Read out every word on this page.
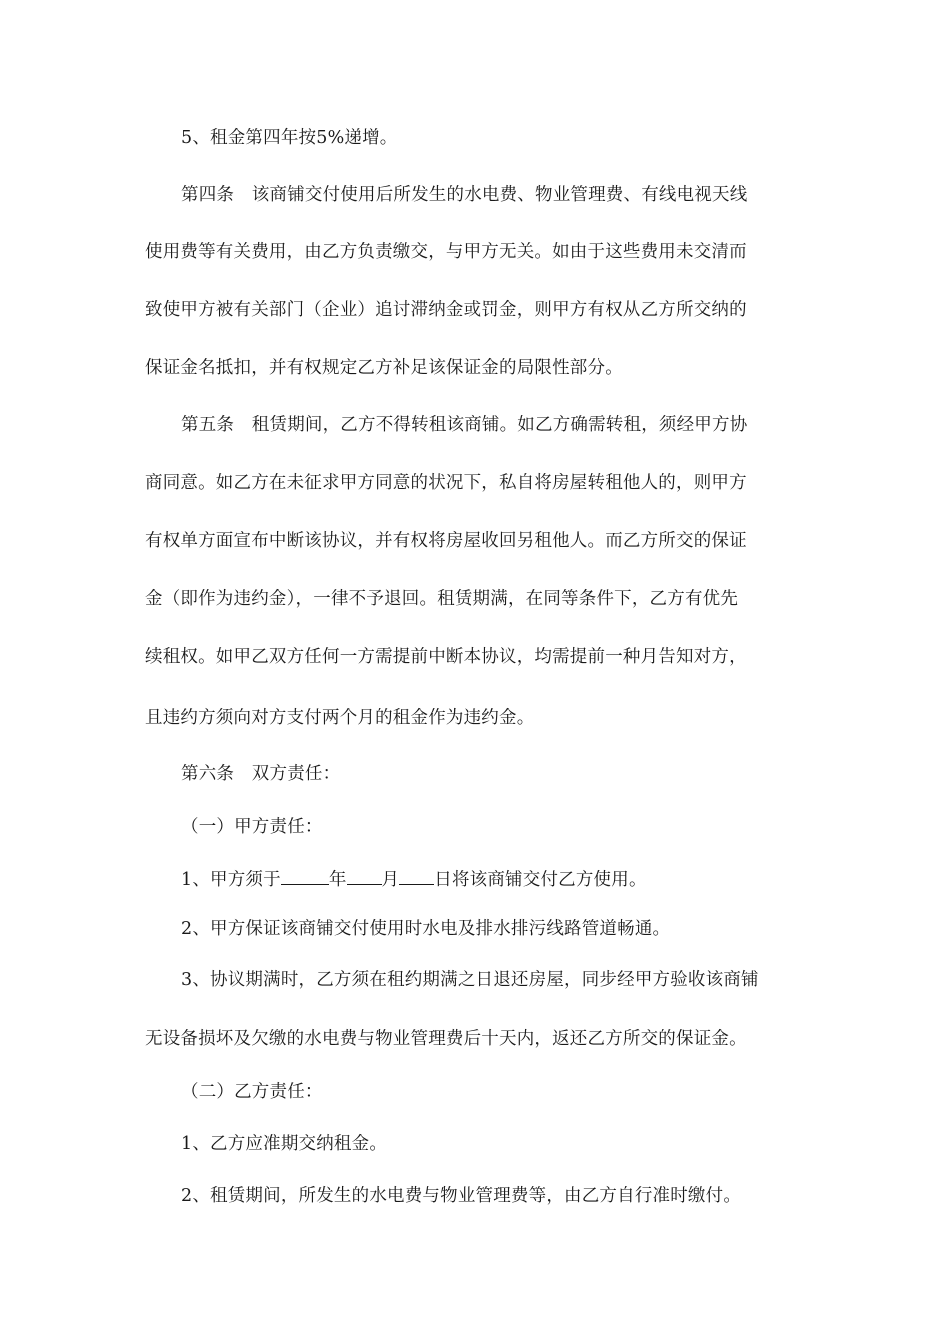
5、租金第四年按5%递增。
第四条　该商铺交付使用后所发生的水电费、物业管理费、有线电视天线
使用费等有关费用，由乙方负责缴交，与甲方无关。如由于这些费用未交清而
致使甲方被有关部门（企业）追讨滞纳金或罚金，则甲方有权从乙方所交纳的
保证金名抵扣，并有权规定乙方补足该保证金的局限性部分。
第五条　租赁期间，乙方不得转租该商铺。如乙方确需转租，须经甲方协
商同意。如乙方在未征求甲方同意的状况下，私自将房屋转租他人的，则甲方
有权单方面宣布中断该协议，并有权将房屋收回另租他人。而乙方所交的保证
金（即作为违约金），一律不予退回。租赁期满，在同等条件下，乙方有优先
续租权。如甲乙双方任何一方需提前中断本协议，均需提前一种月告知对方，
且违约方须向对方支付两个月的租金作为违约金。
第六条　双方责任：
（一）甲方责任：
1、甲方须于	年 月 日将该商铺交付乙方使用。
2、甲方保证该商铺交付使用时水电及排水排污线路管道畅通。
3、协议期满时，乙方须在租约期满之日退还房屋，同步经甲方验收该商铺
无设备损坏及欠缴的水电费与物业管理费后十天内，返还乙方所交的保证金。
（二）乙方责任：
1、乙方应准期交纳租金。
2、租赁期间，所发生的水电费与物业管理费等，由乙方自行准时缴付。
